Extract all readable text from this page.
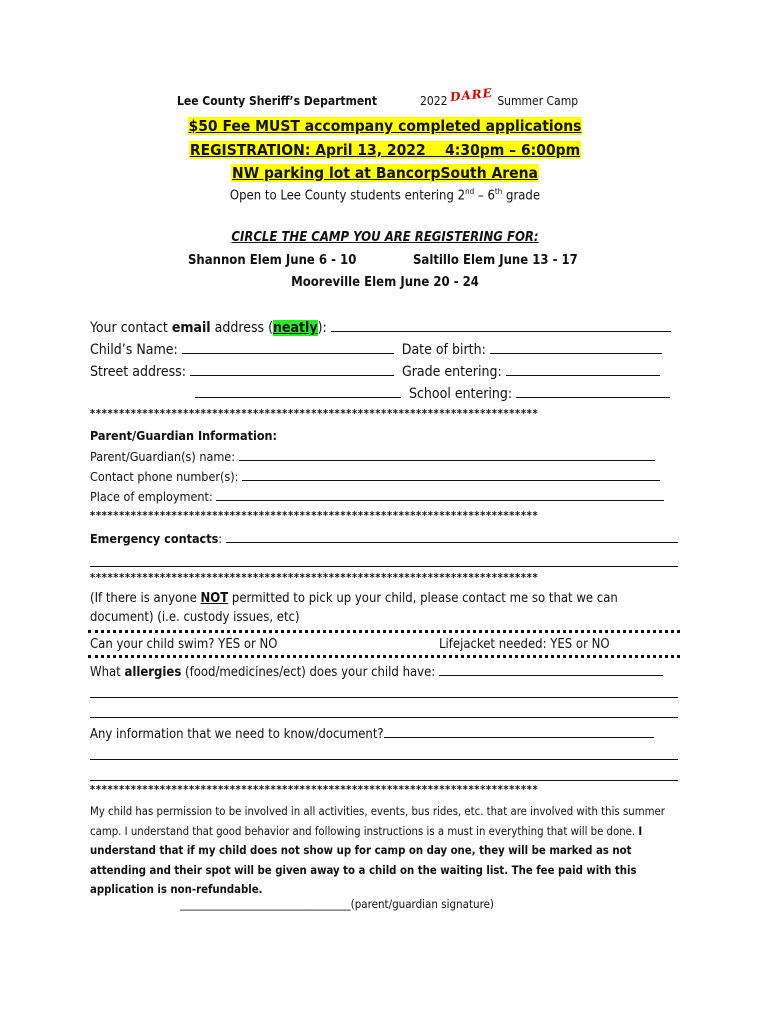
Lee County Sheriff’s Department	2022 DARE Summer Camp
$50 Fee MUST accompany completed applications
REGISTRATION: April 13, 2022    4:30pm – 6:00pm
NW parking lot at BancorpSouth Arena
Open to Lee County students entering 2nd – 6th grade
CIRCLE THE CAMP YOU ARE REGISTERING FOR:
Shannon Elem June 6 - 10	Saltillo Elem June 13 - 17
Mooreville Elem June 20 - 24
Your contact email address (neatly):
Child’s Name:	Date of birth:
Street address:	Grade entering:
School entering:
*****************************************************************************
Parent/Guardian Information:
Parent/Guardian(s) name:
Contact phone number(s):
Place of employment:
*****************************************************************************
Emergency contacts:
*****************************************************************************
(If there is anyone NOT permitted to pick up your child, please contact me so that we can
document) (i.e. custody issues, etc)
Can your child swim? YES or NO	Lifejacket needed: YES or NO
What allergies (food/medicines/ect) does your child have:
Any information that we need to know/document?
*****************************************************************************
My child has permission to be involved in all activities, events, bus rides, etc. that are involved with this summer camp. I understand that good behavior and following instructions is a must in everything that will be done. I understand that if my child does not show up for camp on day one, they will be marked as not attending and their spot will be given away to a child on the waiting list. The fee paid with this application is non-refundable.
_________________________________(parent/guardian signature)
